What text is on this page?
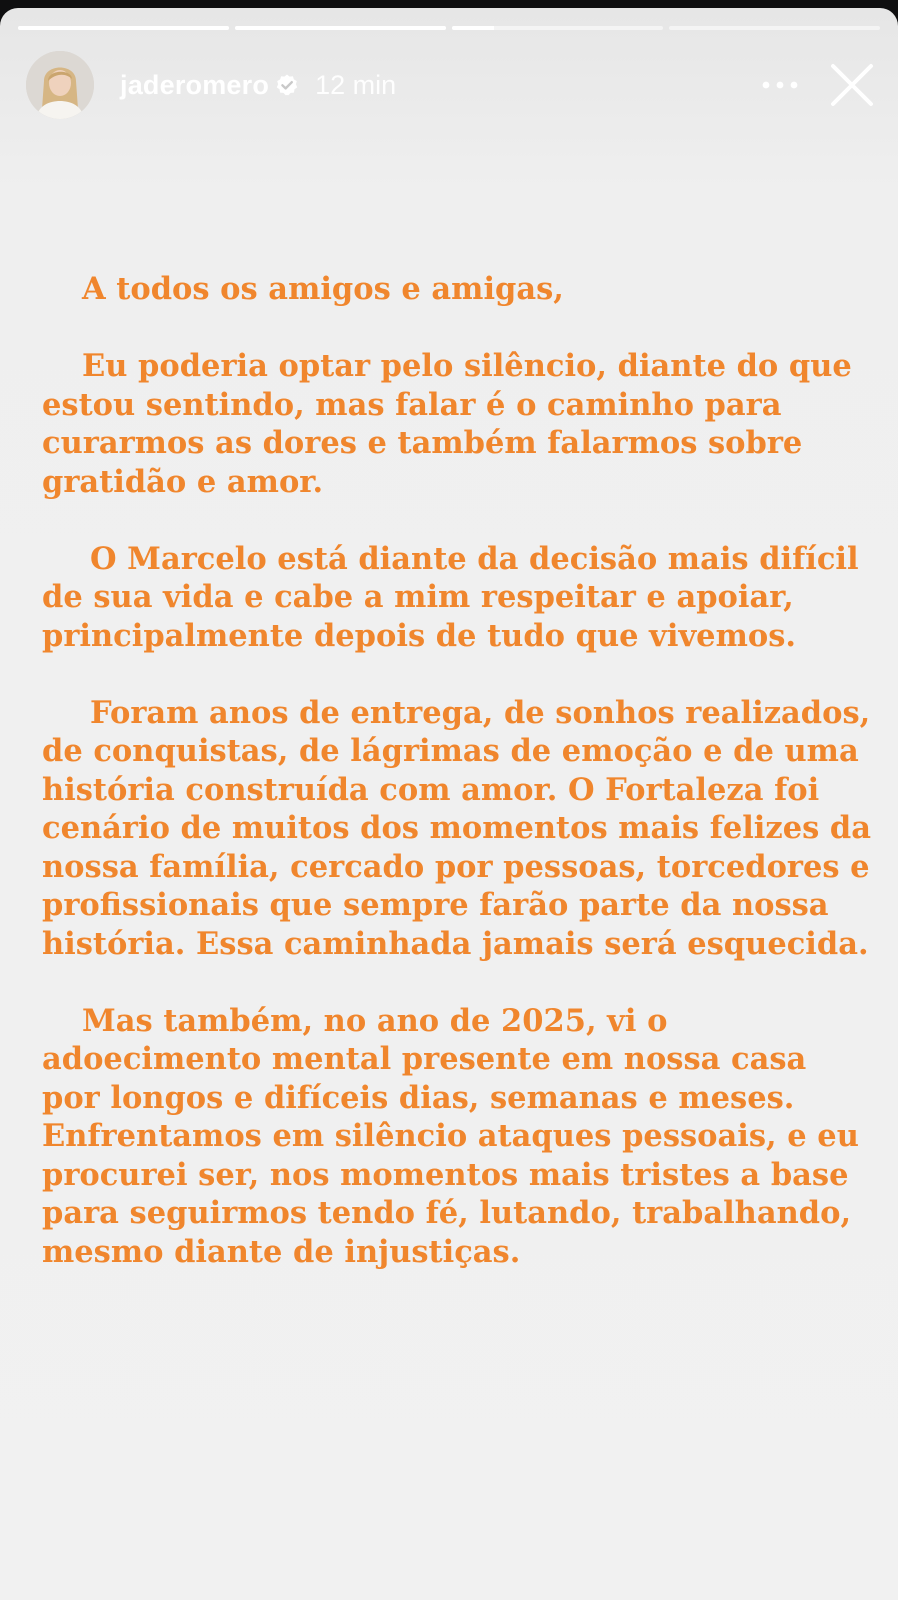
jaderomero 12 min

A todos os amigos e amigas,

Eu poderia optar pelo silêncio, diante do que estou sentindo, mas falar é o caminho para curarmos as dores e também falarmos sobre gratidão e amor.

O Marcelo está diante da decisão mais difícil de sua vida e cabe a mim respeitar e apoiar, principalmente depois de tudo que vivemos.

Foram anos de entrega, de sonhos realizados, de conquistas, de lágrimas de emoção e de uma história construída com amor. O Fortaleza foi cenário de muitos dos momentos mais felizes da nossa família, cercado por pessoas, torcedores e profissionais que sempre farão parte da nossa história. Essa caminhada jamais será esquecida.

Mas também, no ano de 2025, vi o adoecimento mental presente em nossa casa por longos e difíceis dias, semanas e meses. Enfrentamos em silêncio ataques pessoais, e eu procurei ser, nos momentos mais tristes a base para seguirmos tendo fé, lutando, trabalhando, mesmo diante de injustiças.
